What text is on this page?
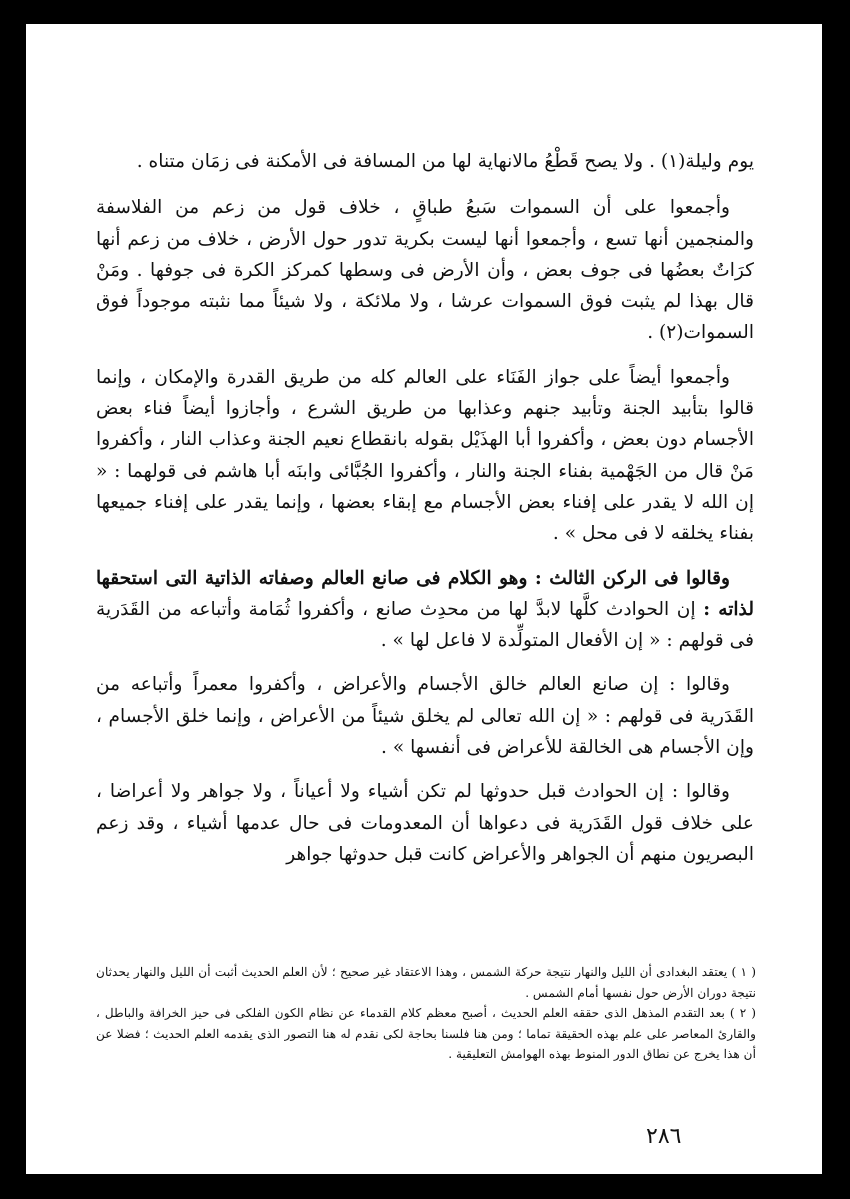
يوم وليلة(١) . ولا يصح قَطْعُ مالانهاية لها من المسافة فى الأمكنة فى زمَان متناه .

وأجمعوا على أن السموات سَبعُ طباقٍ ، خلاف قول من زعم من الفلاسفة والمنجمين أنها تسع ، وأجمعوا أنها ليست بكرية تدور حول الأرض ، خلاف من زعم أنها كرَاتٌ بعضُها فى جوف بعض ، وأن الأرض فى وسطها كمركز الكرة فى جوفها . ومَنْ قال بهذا لم يثبت فوق السموات عرشا ، ولا ملائكة ، ولا شيئاً مما نثبته موجوداً فوق السموات(٢) .

وأجمعوا أيضاً على جواز الفَنَاء على العالم كله من طريق القدرة والإمكان ، وإنما قالوا بتأبيد الجنة وتأبيد جنهم وعذابها من طريق الشرع ، وأجازوا أيضاً فناء بعض الأجسام دون بعض ، وأكفروا أبا الهذَيْل بقوله بانقطاع نعيم الجنة وعذاب النار ، وأكفروا مَنْ قال من الجَهْمية بفناء الجنة والنار ، وأكفروا الجُبَّائى وابنَه أبا هاشم فى قولهما : « إن الله لا يقدر على إفناء بعض الأجسام مع إبقاء بعضها ، وإنما يقدر على إفناء جميعها بفناء يخلقه لا فى محل » .

وقالوا فى الركن الثالث : وهو الكلام فى صانع العالم وصفاته الذاتية التى استحقها لذاته : إن الحوادث كلَّها لابدَّ لها من محدِث صانع ، وأكفروا ثُمَامة وأتباعه من القَدَرية فى قولهم : « إن الأفعال المتولِّدة لا فاعل لها » .

وقالوا : إن صانع العالم خالق الأجسام والأعراض ، وأكفروا معمراً وأتباعه من القَدَرية فى قولهم : « إن الله تعالى لم يخلق شيئاً من الأعراض ، وإنما خلق الأجسام ، وإن الأجسام هى الخالقة للأعراض فى أنفسها » .

وقالوا : إن الحوادث قبل حدوثها لم تكن أشياء ولا أعياناً ، ولا جواهر ولا أعراضا ، على خلاف قول القَدَرية فى دعواها أن المعدومات فى حال عدمها أشياء ، وقد زعم البصريون منهم أن الجواهر والأعراض كانت قبل حدوثها جواهر

( ١ ) يعتقد البغدادى أن الليل والنهار نتيجة حركة الشمس ، وهذا الاعتقاد غير صحيح ؛ لأن العلم الحديث أثبت أن الليل والنهار يحدثان نتيجة دوران الأرض حول نفسها أمام الشمس .

( ٢ ) بعد التقدم المذهل الذى حققه العلم الحديث ، أصبح معظم كلام القدماء عن نظام الكون الفلكى فى حيز الخرافة والباطل ، والقارئ المعاصر على علم بهذه الحقيقة تماما ؛ ومن هنا فلسنا بحاجة لكى نقدم له هنا التصور الذى يقدمه العلم الحديث ؛ فضلا عن أن هذا يخرج عن نطاق الدور المنوط بهذه الهوامش التعليقية .

٢٨٦
